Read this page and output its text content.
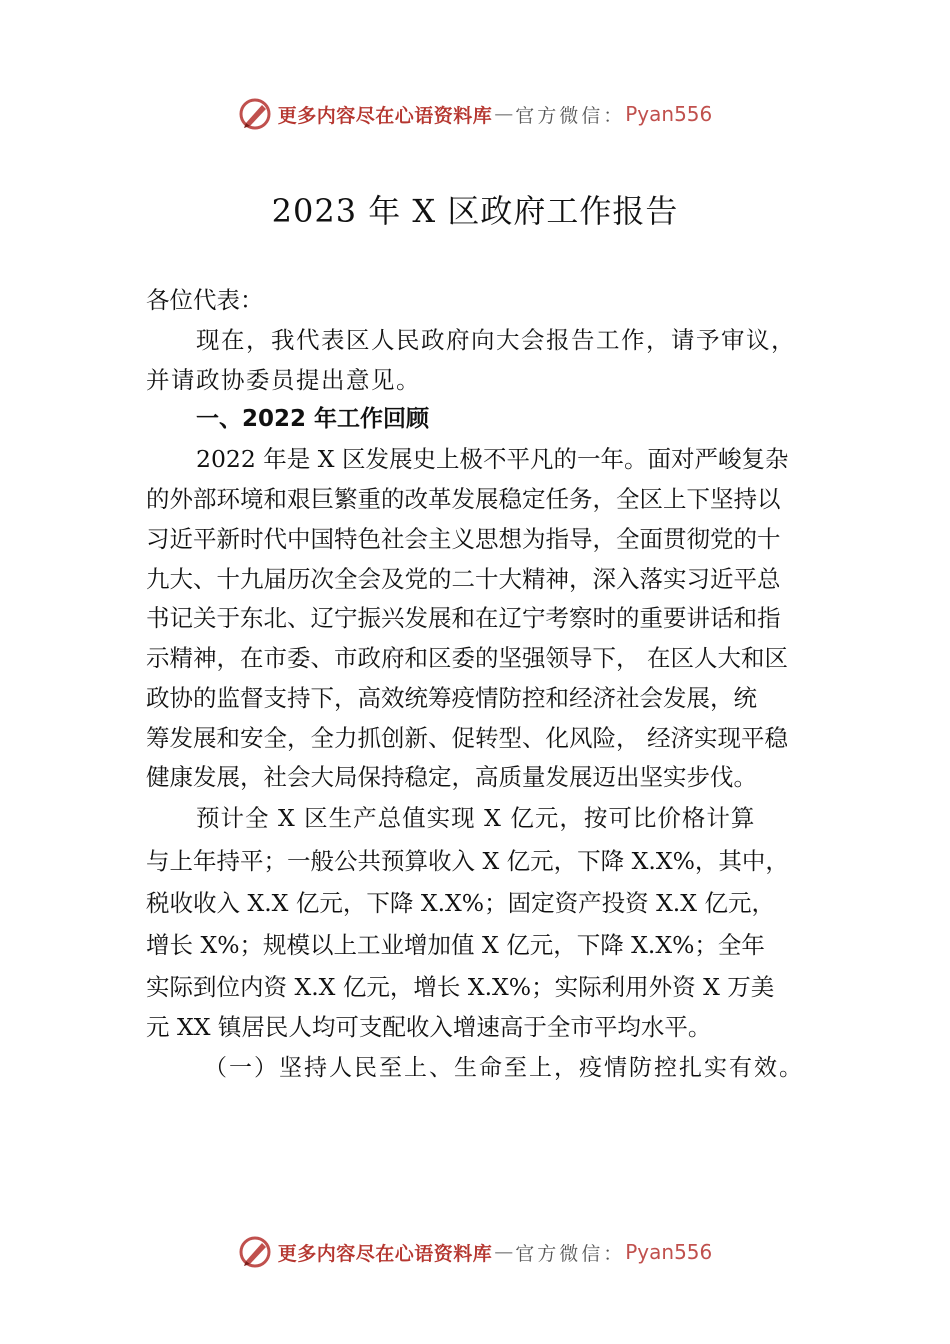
更多内容尽在心语资料库 — 官方微信： Pyan556
2023 年 X 区政府工作报告
各位代表：
现在，我代表区人民政府向大会报告工作，请予审议，
并请政协委员提出意见。
一、2022 年工作回顾
2022 年是 X 区发展史上极不平凡的一年。面对严峻复杂
的外部环境和艰巨繁重的改革发展稳定任务，全区上下坚持以
习近平新时代中国特色社会主义思想为指导，全面贯彻党的十
九大、十九届历次全会及党的二十大精神，深入落实习近平总
书记关于东北、辽宁振兴发展和在辽宁考察时的重要讲话和指
示精神，在市委、市政府和区委的坚强领导下， 在区人大和区
政协的监督支持下，高效统筹疫情防控和经济社会发展，统
筹发展和安全，全力抓创新、促转型、化风险， 经济实现平稳
健康发展，社会大局保持稳定，高质量发展迈出坚实步伐。
预计全 X 区生产总值实现 X 亿元，按可比价格计算
与上年持平；一般公共预算收入 X 亿元，下降 X.X%，其中，
税收收入 X.X 亿元，下降 X.X%；固定资产投资 X.X 亿元，
增长 X%；规模以上工业增加值 X 亿元，下降 X.X%；全年
实际到位内资 X.X 亿元，增长 X.X%；实际利用外资 X 万美
元 XX 镇居民人均可支配收入增速高于全市平均水平。
（一）坚持人民至上、生命至上，疫情防控扎实有效。
更多内容尽在心语资料库 — 官方微信： Pyan556
